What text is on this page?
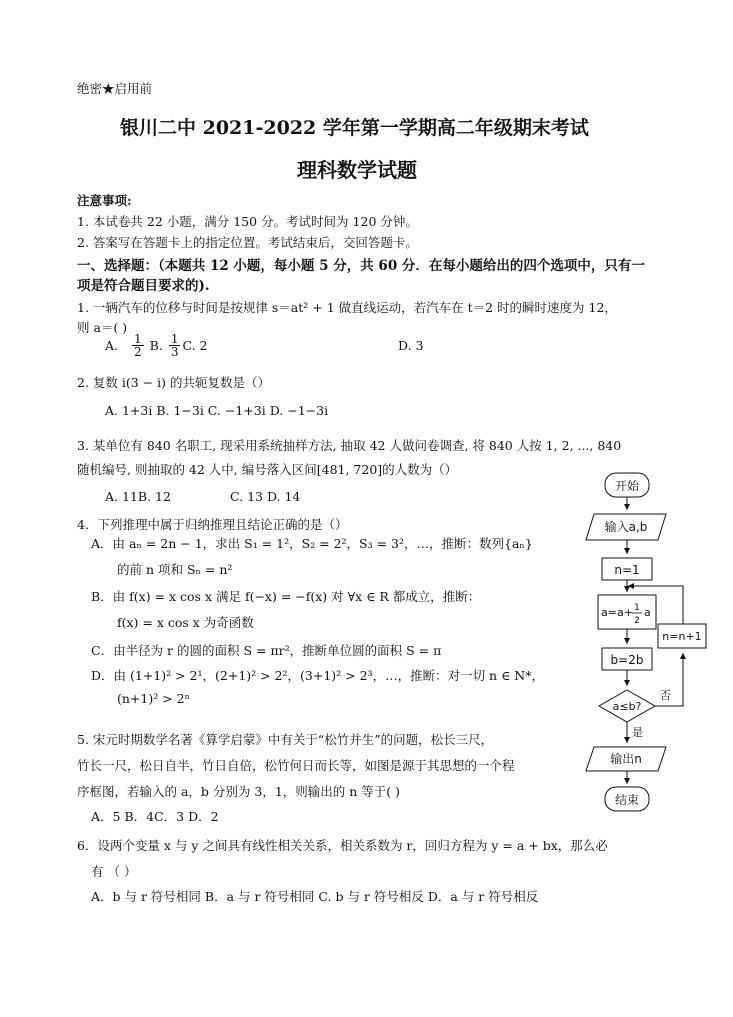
绝密★启用前
银川二中 2021-2022 学年第一学期高二年级期末考试
理科数学试题
注意事项:
1. 本试卷共 22 小题，满分 150 分。考试时间为 120 分钟。
2. 答案写在答题卡上的指定位置。考试结束后，交回答题卡。
一、选择题：（本题共 12 小题，每小题 5 分，共 60 分．在每小题给出的四个选项中，只有一
项是符合题目要求的).
1. 一辆汽车的位移与时间是按规律 s＝at² + 1 做直线运动，若汽车在 t＝2 时的瞬时速度为 12，
则 a＝( )
A. $\frac{1}{2} B$. $\frac{1}{3} C$. 2	D. 3
2. 复数 i(3 − i) 的共轭复数是（）
A. 1+3i B. 1−3i C. −1+3i D. −1−3i
3. 某单位有 840 名职工, 现采用系统抽样方法, 抽取 42 人做问卷调查, 将 840 人按 1, 2, ..., 840
随机编号, 则抽取的 42 人中, 编号落入区间[481, 720]的人数为（）
A. 11B. 12	C. 13 D. 14
4．下列推理中属于归纳推理且结论正确的是（）
A．由 aₙ = 2n − 1，求出 S₁ = 1²，S₂ = 2²，S₃ = 3²，…，推断：数列{aₙ}
的前 n 项和 Sₙ = n²
B．由 f(x) = x cos x 满足 f(−x) = −f(x) 对 ∀x ∈ R 都成立，推断：
f(x) = x cos x 为奇函数
C．由半径为 r 的圆的面积 S = πr²，推断单位圆的面积 S = π
D．由 (1+1)² > 2¹，(2+1)² > 2²，(3+1)² > 2³，…，推断：对一切 n ∈ N*，
(n+1)² > 2ⁿ
5. 宋元时期数学名著《算学启蒙》中有关于“松竹并生”的问题，松长三尺，
竹长一尺，松日自半，竹日自倍，松竹何日而长等，如图是源于其思想的一个程
序框图，若输入的 a，b 分别为 3，1，则输出的 n 等于( )
A．5 B．4C．3 D．2
6．设两个变量 x 与 y 之间具有线性相关关系，相关系数为 r，回归方程为 y = a + bx，那么必
有 （ ）
A．b 与 r 符号相同 B．a 与 r 符号相同 C. b 与 r 符号相反 D．a 与 r 符号相反
开始
输入a,b
n=1
a=a+ 1
2
a
b=2b
a≤b?
否
是
n=n+1
输出n
结束
